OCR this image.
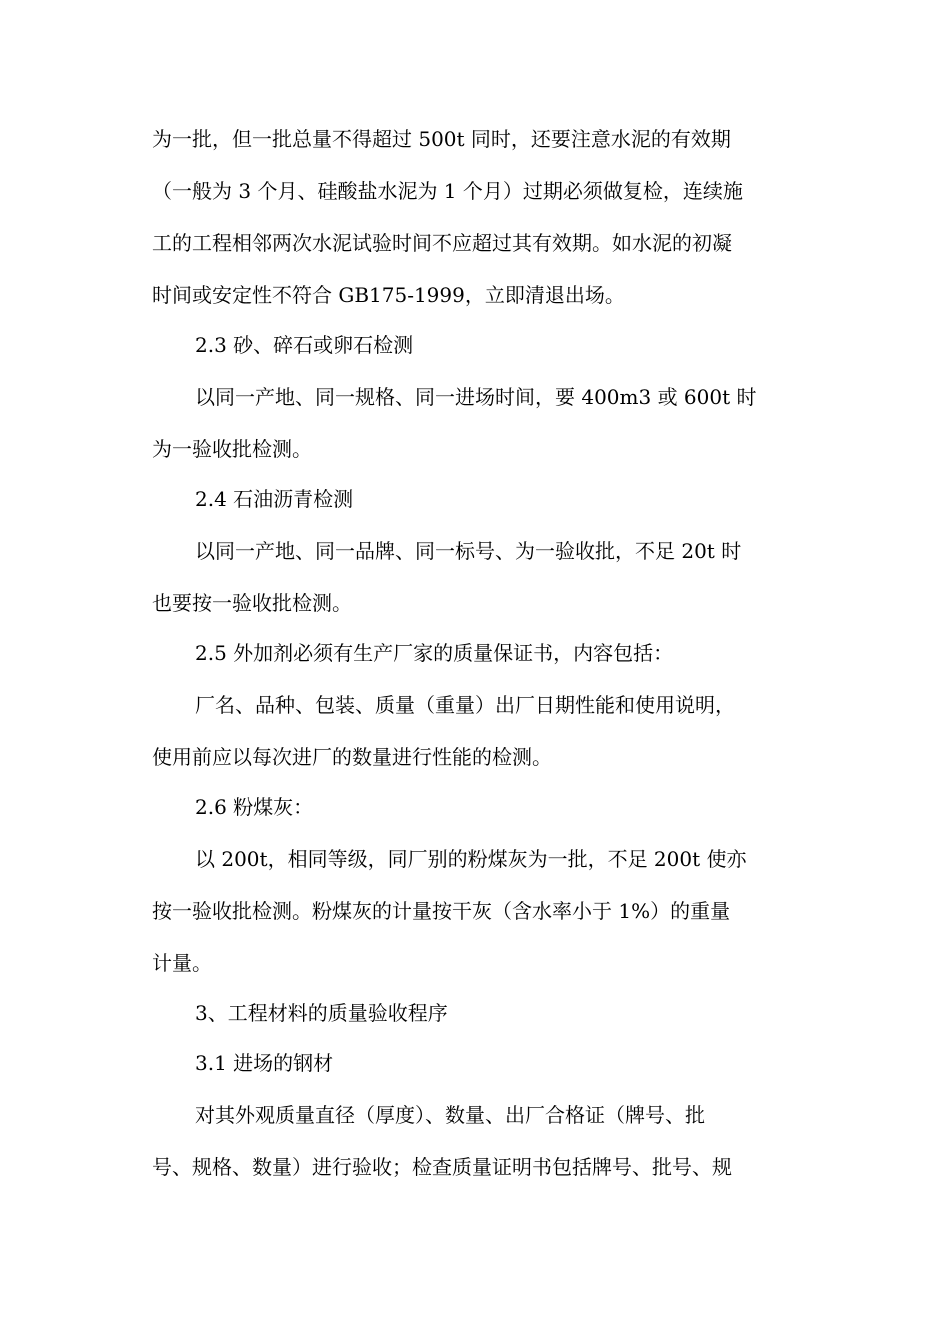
为一批，但一批总量不得超过 500t 同时，还要注意水泥的有效期
（一般为 3 个月、硅酸盐水泥为 1 个月）过期必须做复检，连续施
工的工程相邻两次水泥试验时间不应超过其有效期。如水泥的初凝
时间或安定性不符合 GB175-1999，立即清退出场。
2.3 砂、碎石或卵石检测
以同一产地、同一规格、同一进场时间，要 400m3 或 600t 时
为一验收批检测。
2.4 石油沥青检测
以同一产地、同一品牌、同一标号、为一验收批，不足 20t 时
也要按一验收批检测。
2.5 外加剂必须有生产厂家的质量保证书，内容包括：
厂名、品种、包装、质量（重量）出厂日期性能和使用说明，
使用前应以每次进厂的数量进行性能的检测。
2.6 粉煤灰：
以 200t，相同等级，同厂别的粉煤灰为一批，不足 200t 使亦
按一验收批检测。粉煤灰的计量按干灰（含水率小于 1%）的重量
计量。
3、工程材料的质量验收程序
3.1 进场的钢材
对其外观质量直径（厚度）、数量、出厂合格证（牌号、批
号、规格、数量）进行验收；检查质量证明书包括牌号、批号、规
